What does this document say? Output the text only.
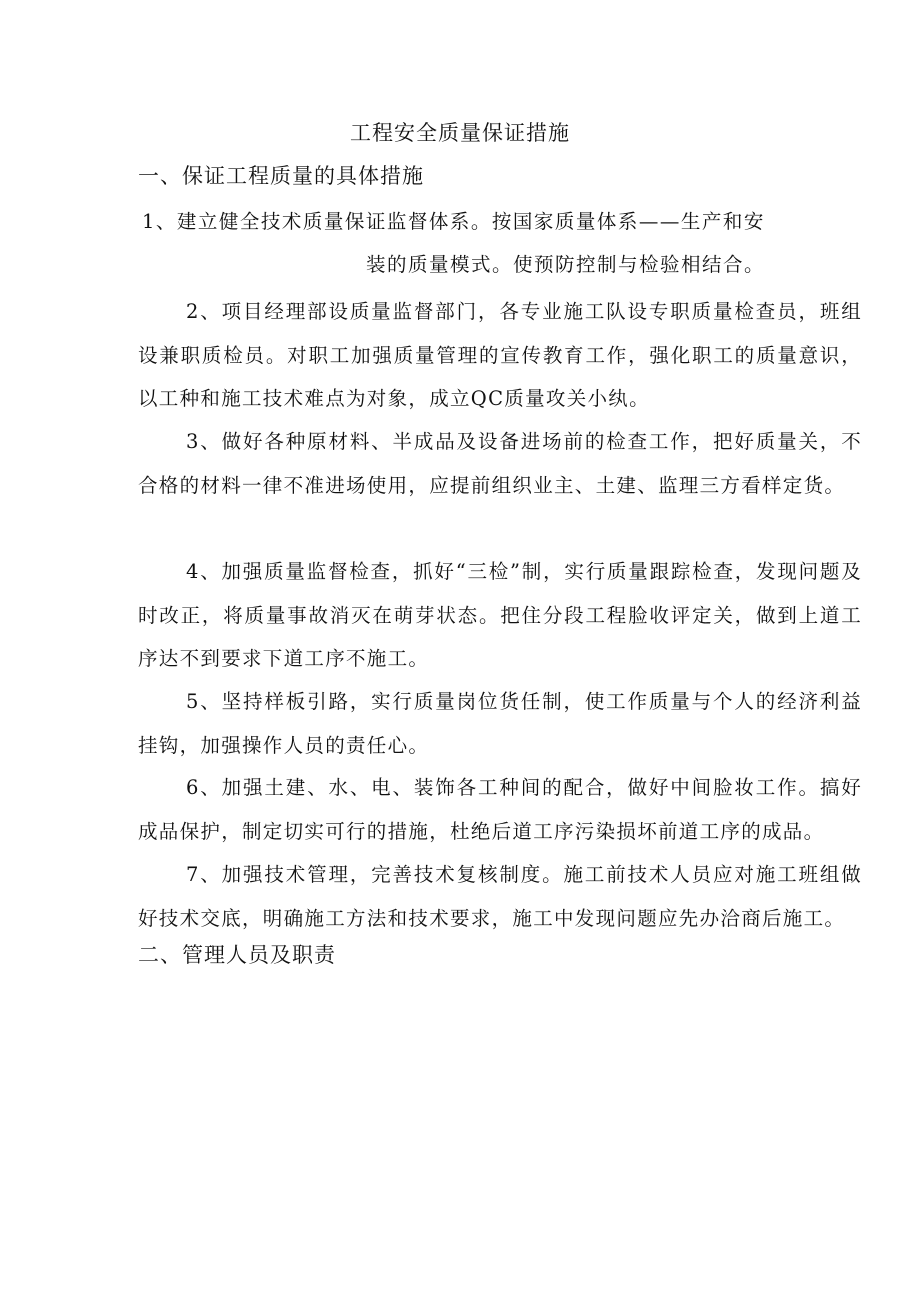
工程安全质量保证措施
一、保证工程质量的具体措施
1、建立健全技术质量保证监督体系。按国家质量体系——生产和安
装的质量模式。使预防控制与检验相结合。

2、项目经理部设质量监督部门，各专业施工队设专职质量检查员，班组设兼职质检员。对职工加强质量管理的宣传教育工作，强化职工的质量意识，以工种和施工技术难点为对象，成立QC质量攻关小纨。

3、做好各种原材料、半成品及设备进场前的检查工作，把好质量关，不合格的材料一律不准进场使用，应提前组织业主、土建、监理三方看样定货。

4、加强质量监督检查，抓好“三检”制，实行质量跟踪检查，发现问题及时改正，将质量事故消灭在萌芽状态。把住分段工程脸收评定关，做到上道工序达不到要求下道工序不施工。

5、坚持样板引路，实行质量岗位货任制，使工作质量与个人的经济利益挂钩，加强操作人员的责任心。

6、加强土建、水、电、装饰各工种间的配合，做好中间脸妆工作。搞好成品保护，制定切实可行的措施，杜绝后道工序污染损坏前道工序的成品。

7、加强技术管理，完善技术复核制度。施工前技术人员应对施工班组做好技术交底，明确施工方法和技术要求，施工中发现问题应先办洽商后施工。

二、管理人员及职责
